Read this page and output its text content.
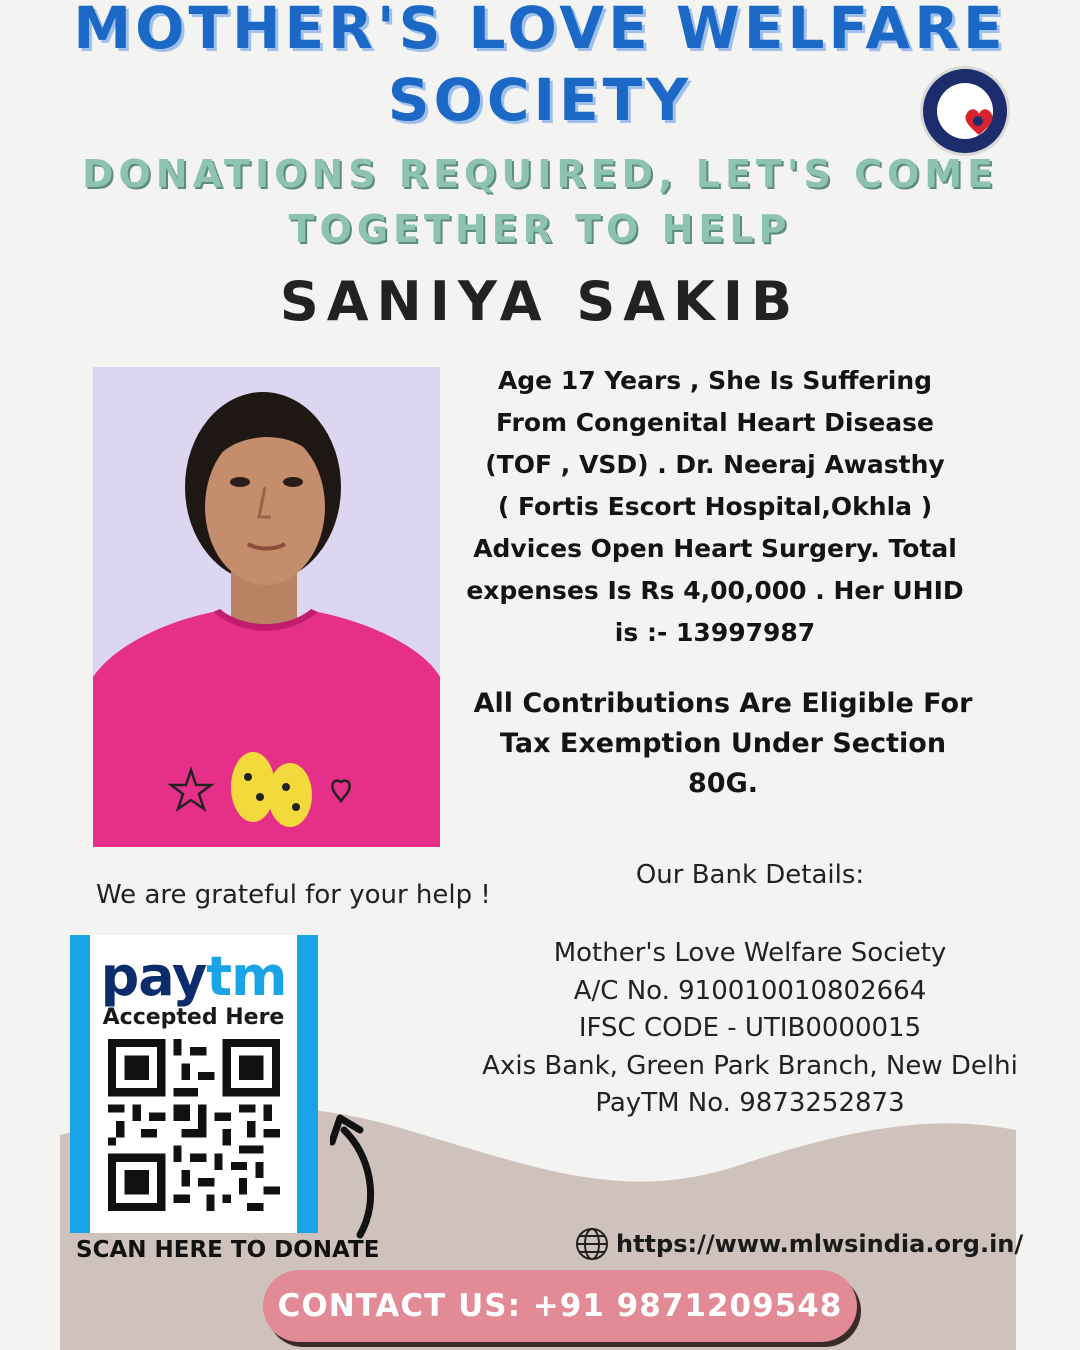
MOTHER'S LOVE WELFARE
SOCIETY
DONATIONS REQUIRED, LET'S COME
TOGETHER TO HELP
SANIYA SAKIB
Age 17 Years , She Is Suffering
From Congenital Heart Disease
(TOF , VSD) . Dr. Neeraj Awasthy
( Fortis Escort Hospital,Okhla )
Advices Open Heart Surgery. Total
expenses Is Rs 4,00,000 . Her UHID
is :- 13997987
All Contributions Are Eligible For
Tax Exemption Under Section
80G.
Our Bank Details:
We are grateful for your help !
Mother's Love Welfare Society
A/C No. 910010010802664
IFSC CODE - UTIB0000015
Axis Bank, Green Park Branch, New Delhi
PayTM No. 9873252873
paytm
Accepted Here
SCAN HERE TO DONATE	https://www.mlwsindia.org.in/
CONTACT US: +91 9871209548
